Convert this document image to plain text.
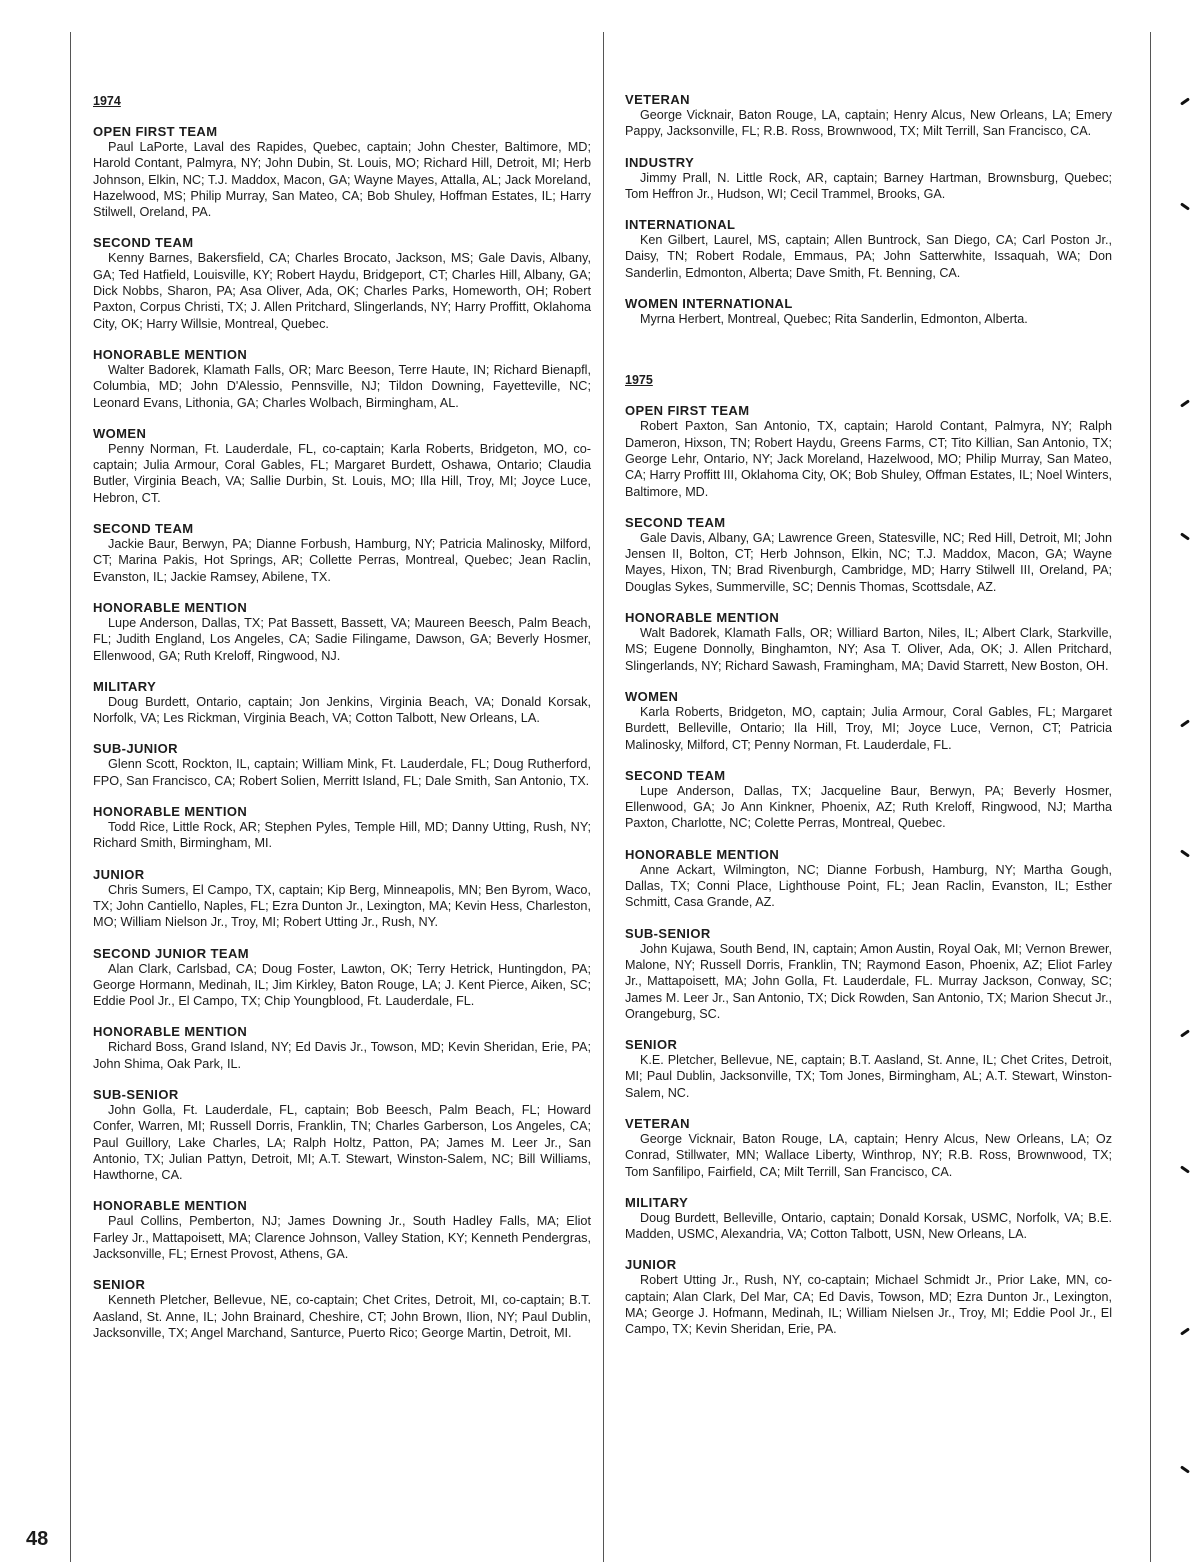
1974
OPEN FIRST TEAM
Paul LaPorte, Laval des Rapides, Quebec, captain; John Chester, Baltimore, MD; Harold Contant, Palmyra, NY; John Dubin, St. Louis, MO; Richard Hill, Detroit, MI; Herb Johnson, Elkin, NC; T.J. Maddox, Macon, GA; Wayne Mayes, Attalla, AL; Jack Moreland, Hazelwood, MS; Philip Murray, San Mateo, CA; Bob Shuley, Hoffman Estates, IL; Harry Stilwell, Oreland, PA.
SECOND TEAM
Kenny Barnes, Bakersfield, CA; Charles Brocato, Jackson, MS; Gale Davis, Albany, GA; Ted Hatfield, Louisville, KY; Robert Haydu, Bridgeport, CT; Charles Hill, Albany, GA; Dick Nobbs, Sharon, PA; Asa Oliver, Ada, OK; Charles Parks, Homeworth, OH; Robert Paxton, Corpus Christi, TX; J. Allen Pritchard, Slingerlands, NY; Harry Proffitt, Oklahoma City, OK; Harry Willsie, Montreal, Quebec.
HONORABLE MENTION
Walter Badorek, Klamath Falls, OR; Marc Beeson, Terre Haute, IN; Richard Bienapfl, Columbia, MD; John D'Alessio, Pennsville, NJ; Tildon Downing, Fayetteville, NC; Leonard Evans, Lithonia, GA; Charles Wolbach, Birmingham, AL.
WOMEN
Penny Norman, Ft. Lauderdale, FL, co-captain; Karla Roberts, Bridgeton, MO, co-captain; Julia Armour, Coral Gables, FL; Margaret Burdett, Oshawa, Ontario; Claudia Butler, Virginia Beach, VA; Sallie Durbin, St. Louis, MO; Illa Hill, Troy, MI; Joyce Luce, Hebron, CT.
SECOND TEAM
Jackie Baur, Berwyn, PA; Dianne Forbush, Hamburg, NY; Patricia Malinosky, Milford, CT; Marina Pakis, Hot Springs, AR; Collette Perras, Montreal, Quebec; Jean Raclin, Evanston, IL; Jackie Ramsey, Abilene, TX.
HONORABLE MENTION
Lupe Anderson, Dallas, TX; Pat Bassett, Bassett, VA; Maureen Beesch, Palm Beach, FL; Judith England, Los Angeles, CA; Sadie Filingame, Dawson, GA; Beverly Hosmer, Ellenwood, GA; Ruth Kreloff, Ringwood, NJ.
MILITARY
Doug Burdett, Ontario, captain; Jon Jenkins, Virginia Beach, VA; Donald Korsak, Norfolk, VA; Les Rickman, Virginia Beach, VA; Cotton Talbott, New Orleans, LA.
SUB-JUNIOR
Glenn Scott, Rockton, IL, captain; William Mink, Ft. Lauderdale, FL; Doug Rutherford, FPO, San Francisco, CA; Robert Solien, Merritt Island, FL; Dale Smith, San Antonio, TX.
HONORABLE MENTION
Todd Rice, Little Rock, AR; Stephen Pyles, Temple Hill, MD; Danny Utting, Rush, NY; Richard Smith, Birmingham, MI.
JUNIOR
Chris Sumers, El Campo, TX, captain; Kip Berg, Minneapolis, MN; Ben Byrom, Waco, TX; John Cantiello, Naples, FL; Ezra Dunton Jr., Lexington, MA; Kevin Hess, Charleston, MO; William Nielson Jr., Troy, MI; Robert Utting Jr., Rush, NY.
SECOND JUNIOR TEAM
Alan Clark, Carlsbad, CA; Doug Foster, Lawton, OK; Terry Hetrick, Huntingdon, PA; George Hormann, Medinah, IL; Jim Kirkley, Baton Rouge, LA; J. Kent Pierce, Aiken, SC; Eddie Pool Jr., El Campo, TX; Chip Youngblood, Ft. Lauderdale, FL.
HONORABLE MENTION
Richard Boss, Grand Island, NY; Ed Davis Jr., Towson, MD; Kevin Sheridan, Erie, PA; John Shima, Oak Park, IL.
SUB-SENIOR
John Golla, Ft. Lauderdale, FL, captain; Bob Beesch, Palm Beach, FL; Howard Confer, Warren, MI; Russell Dorris, Franklin, TN; Charles Garberson, Los Angeles, CA; Paul Guillory, Lake Charles, LA; Ralph Holtz, Patton, PA; James M. Leer Jr., San Antonio, TX; Julian Pattyn, Detroit, MI; A.T. Stewart, Winston-Salem, NC; Bill Williams, Hawthorne, CA.
HONORABLE MENTION
Paul Collins, Pemberton, NJ; James Downing Jr., South Hadley Falls, MA; Eliot Farley Jr., Mattapoisett, MA; Clarence Johnson, Valley Station, KY; Kenneth Pendergras, Jacksonville, FL; Ernest Provost, Athens, GA.
SENIOR
Kenneth Pletcher, Bellevue, NE, co-captain; Chet Crites, Detroit, MI, co-captain; B.T. Aasland, St. Anne, IL; John Brainard, Cheshire, CT; John Brown, Ilion, NY; Paul Dublin, Jacksonville, TX; Angel Marchand, Santurce, Puerto Rico; George Martin, Detroit, MI.
VETERAN
George Vicknair, Baton Rouge, LA, captain; Henry Alcus, New Orleans, LA; Emery Pappy, Jacksonville, FL; R.B. Ross, Brownwood, TX; Milt Terrill, San Francisco, CA.
INDUSTRY
Jimmy Prall, N. Little Rock, AR, captain; Barney Hartman, Brownsburg, Quebec; Tom Heffron Jr., Hudson, WI; Cecil Trammel, Brooks, GA.
INTERNATIONAL
Ken Gilbert, Laurel, MS, captain; Allen Buntrock, San Diego, CA; Carl Poston Jr., Daisy, TN; Robert Rodale, Emmaus, PA; John Satterwhite, Issaquah, WA; Don Sanderlin, Edmonton, Alberta; Dave Smith, Ft. Benning, CA.
WOMEN INTERNATIONAL
Myrna Herbert, Montreal, Quebec; Rita Sanderlin, Edmonton, Alberta.
1975
OPEN FIRST TEAM
Robert Paxton, San Antonio, TX, captain; Harold Contant, Palmyra, NY; Ralph Dameron, Hixson, TN; Robert Haydu, Greens Farms, CT; Tito Killian, San Antonio, TX; George Lehr, Ontario, NY; Jack Moreland, Hazelwood, MO; Philip Murray, San Mateo, CA; Harry Proffitt III, Oklahoma City, OK; Bob Shuley, Offman Estates, IL; Noel Winters, Baltimore, MD.
SECOND TEAM
Gale Davis, Albany, GA; Lawrence Green, Statesville, NC; Red Hill, Detroit, MI; John Jensen II, Bolton, CT; Herb Johnson, Elkin, NC; T.J. Maddox, Macon, GA; Wayne Mayes, Hixon, TN; Brad Rivenburgh, Cambridge, MD; Harry Stilwell III, Oreland, PA; Douglas Sykes, Summerville, SC; Dennis Thomas, Scottsdale, AZ.
HONORABLE MENTION
Walt Badorek, Klamath Falls, OR; Williard Barton, Niles, IL; Albert Clark, Starkville, MS; Eugene Donnolly, Binghamton, NY; Asa T. Oliver, Ada, OK; J. Allen Pritchard, Slingerlands, NY; Richard Sawash, Framingham, MA; David Starrett, New Boston, OH.
WOMEN
Karla Roberts, Bridgeton, MO, captain; Julia Armour, Coral Gables, FL; Margaret Burdett, Belleville, Ontario; Ila Hill, Troy, MI; Joyce Luce, Vernon, CT; Patricia Malinosky, Milford, CT; Penny Norman, Ft. Lauderdale, FL.
SECOND TEAM
Lupe Anderson, Dallas, TX; Jacqueline Baur, Berwyn, PA; Beverly Hosmer, Ellenwood, GA; Jo Ann Kinkner, Phoenix, AZ; Ruth Kreloff, Ringwood, NJ; Martha Paxton, Charlotte, NC; Colette Perras, Montreal, Quebec.
HONORABLE MENTION
Anne Ackart, Wilmington, NC; Dianne Forbush, Hamburg, NY; Martha Gough, Dallas, TX; Conni Place, Lighthouse Point, FL; Jean Raclin, Evanston, IL; Esther Schmitt, Casa Grande, AZ.
SUB-SENIOR
John Kujawa, South Bend, IN, captain; Amon Austin, Royal Oak, MI; Vernon Brewer, Malone, NY; Russell Dorris, Franklin, TN; Raymond Eason, Phoenix, AZ; Eliot Farley Jr., Mattapoisett, MA; John Golla, Ft. Lauderdale, FL. Murray Jackson, Conway, SC; James M. Leer Jr., San Antonio, TX; Dick Rowden, San Antonio, TX; Marion Shecut Jr., Orangeburg, SC.
SENIOR
K.E. Pletcher, Bellevue, NE, captain; B.T. Aasland, St. Anne, IL; Chet Crites, Detroit, MI; Paul Dublin, Jacksonville, TX; Tom Jones, Birmingham, AL; A.T. Stewart, Winston-Salem, NC.
VETERAN
George Vicknair, Baton Rouge, LA, captain; Henry Alcus, New Orleans, LA; Oz Conrad, Stillwater, MN; Wallace Liberty, Winthrop, NY; R.B. Ross, Brownwood, TX; Tom Sanfilipo, Fairfield, CA; Milt Terrill, San Francisco, CA.
MILITARY
Doug Burdett, Belleville, Ontario, captain; Donald Korsak, USMC, Norfolk, VA; B.E. Madden, USMC, Alexandria, VA; Cotton Talbott, USN, New Orleans, LA.
JUNIOR
Robert Utting Jr., Rush, NY, co-captain; Michael Schmidt Jr., Prior Lake, MN, co-captain; Alan Clark, Del Mar, CA; Ed Davis, Towson, MD; Ezra Dunton Jr., Lexington, MA; George J. Hofmann, Medinah, IL; William Nielsen Jr., Troy, MI; Eddie Pool Jr., El Campo, TX; Kevin Sheridan, Erie, PA.
48
